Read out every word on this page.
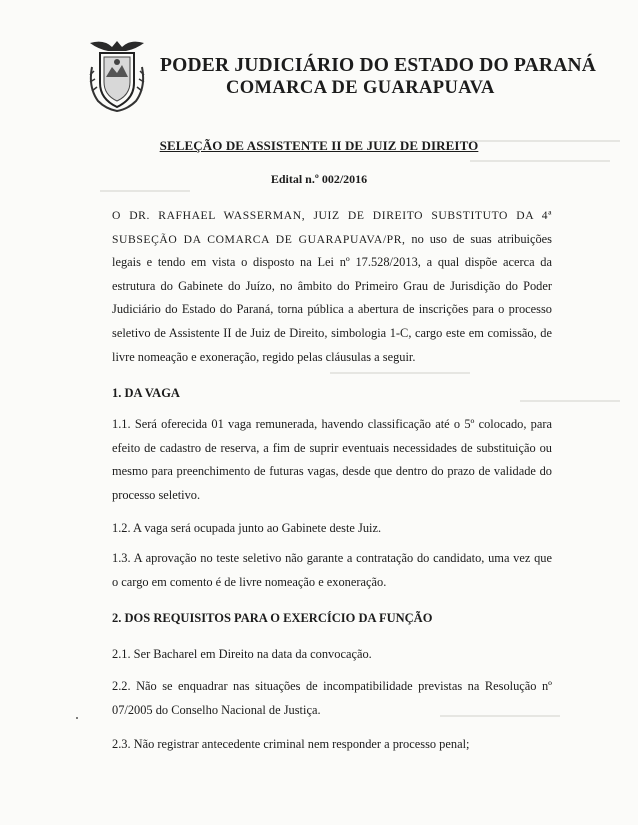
PODER JUDICIÁRIO DO ESTADO DO PARANÁ
COMARCA DE GUARAPUAVA
SELEÇÃO DE ASSISTENTE II DE JUIZ DE DIREITO
Edital n.º 002/2016

O DR. RAFHAEL WASSERMAN, JUIZ DE DIREITO SUBSTITUTO DA 4ª SUBSEÇÃO DA COMARCA DE GUARAPUAVA/PR, no uso de suas atribuições legais e tendo em vista o disposto na Lei nº 17.528/2013, a qual dispõe acerca da estrutura do Gabinete do Juízo, no âmbito do Primeiro Grau de Jurisdição do Poder Judiciário do Estado do Paraná, torna pública a abertura de inscrições para o processo seletivo de Assistente II de Juiz de Direito, simbologia 1-C, cargo este em comissão, de livre nomeação e exoneração, regido pelas cláusulas a seguir.

1. DA VAGA
1.1. Será oferecida 01 vaga remunerada, havendo classificação até o 5º colocado, para efeito de cadastro de reserva, a fim de suprir eventuais necessidades de substituição ou mesmo para preenchimento de futuras vagas, desde que dentro do prazo de validade do processo seletivo.
1.2. A vaga será ocupada junto ao Gabinete deste Juiz.
1.3. A aprovação no teste seletivo não garante a contratação do candidato, uma vez que o cargo em comento é de livre nomeação e exoneração.
2. DOS REQUISITOS PARA O EXERCÍCIO DA FUNÇÃO
2.1. Ser Bacharel em Direito na data da convocação.
2.2. Não se enquadrar nas situações de incompatibilidade previstas na Resolução nº 07/2005 do Conselho Nacional de Justiça.
2.3. Não registrar antecedente criminal nem responder a processo penal;
